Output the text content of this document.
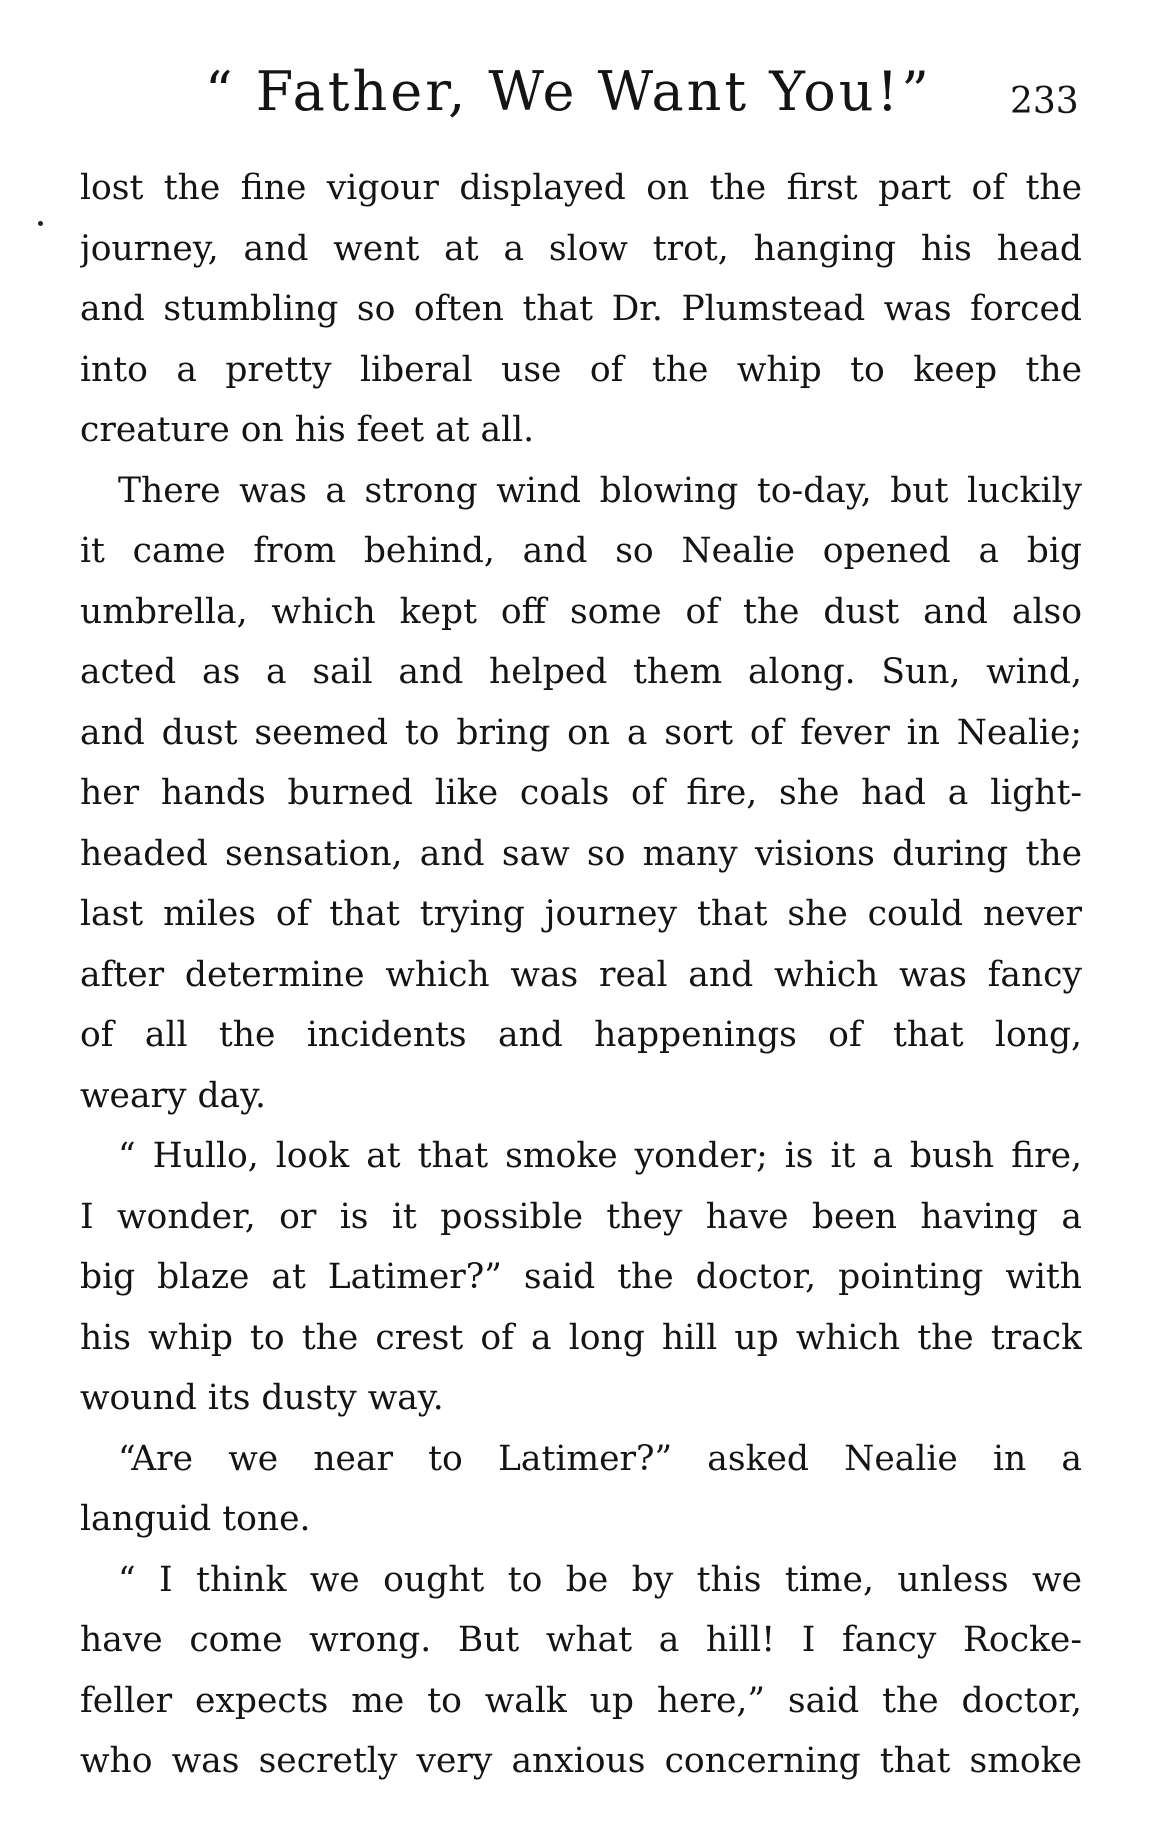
“ Father, We Want You!” 233
lost the fine vigour displayed on the first part of the
journey, and went at a slow trot, hanging his head
and stumbling so often that Dr. Plumstead was forced
into a pretty liberal use of the whip to keep the
creature on his feet at all.
There was a strong wind blowing to-day, but luckily
it came from behind, and so Nealie opened a big
umbrella, which kept off some of the dust and also
acted as a sail and helped them along. Sun, wind,
and dust seemed to bring on a sort of fever in Nealie;
her hands burned like coals of fire, she had a light-
headed sensation, and saw so many visions during the
last miles of that trying journey that she could never
after determine which was real and which was fancy
of all the incidents and happenings of that long,
weary day.
“ Hullo, look at that smoke yonder; is it a bush fire,
I wonder, or is it possible they have been having a
big blaze at Latimer?” said the doctor, pointing with
his whip to the crest of a long hill up which the track
wound its dusty way.
“Are we near to Latimer?” asked Nealie in a
languid tone.
“ I think we ought to be by this time, unless we
have come wrong. But what a hill! I fancy Rocke-
feller expects me to walk up here,” said the doctor,
who was secretly very anxious concerning that smoke
